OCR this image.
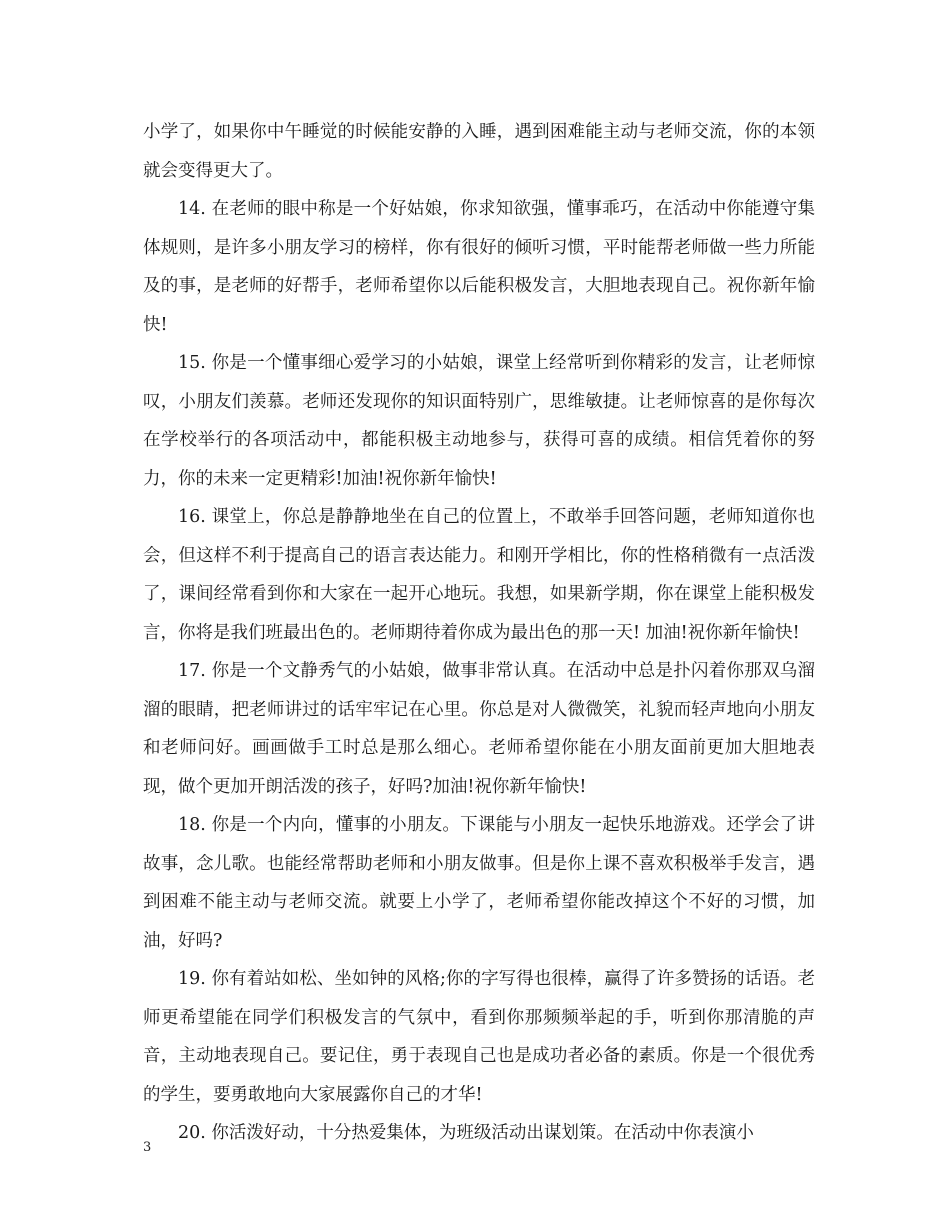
小学了，如果你中午睡觉的时候能安静的入睡，遇到困难能主动与老师交流，你的本领就会变得更大了。

14. 在老师的眼中称是一个好姑娘，你求知欲强，懂事乖巧，在活动中你能遵守集体规则，是许多小朋友学习的榜样，你有很好的倾听习惯，平时能帮老师做一些力所能及的事，是老师的好帮手，老师希望你以后能积极发言，大胆地表现自己。祝你新年愉快!

15. 你是一个懂事细心爱学习的小姑娘，课堂上经常听到你精彩的发言，让老师惊叹，小朋友们羡慕。老师还发现你的知识面特别广，思维敏捷。让老师惊喜的是你每次在学校举行的各项活动中，都能积极主动地参与，获得可喜的成绩。相信凭着你的努力，你的未来一定更精彩!加油!祝你新年愉快!

16. 课堂上，你总是静静地坐在自己的位置上，不敢举手回答问题，老师知道你也会，但这样不利于提高自己的语言表达能力。和刚开学相比，你的性格稍微有一点活泼了，课间经常看到你和大家在一起开心地玩。我想，如果新学期，你在课堂上能积极发言，你将是我们班最出色的。老师期待着你成为最出色的那一天! 加油!祝你新年愉快!

17. 你是一个文静秀气的小姑娘，做事非常认真。在活动中总是扑闪着你那双乌溜溜的眼睛，把老师讲过的话牢牢记在心里。你总是对人微微笑，礼貌而轻声地向小朋友和老师问好。画画做手工时总是那么细心。老师希望你能在小朋友面前更加大胆地表现，做个更加开朗活泼的孩子，好吗?加油!祝你新年愉快!

18. 你是一个内向，懂事的小朋友。下课能与小朋友一起快乐地游戏。还学会了讲故事，念儿歌。也能经常帮助老师和小朋友做事。但是你上课不喜欢积极举手发言，遇到困难不能主动与老师交流。就要上小学了，老师希望你能改掉这个不好的习惯，加油，好吗?

19. 你有着站如松、坐如钟的风格;你的字写得也很棒，赢得了许多赞扬的话语。老师更希望能在同学们积极发言的气氛中，看到你那频频举起的手，听到你那清脆的声音，主动地表现自己。要记住，勇于表现自己也是成功者必备的素质。你是一个很优秀的学生，要勇敢地向大家展露你自己的才华!

20. 你活泼好动，十分热爱集体，为班级活动出谋划策。在活动中你表演小

3
